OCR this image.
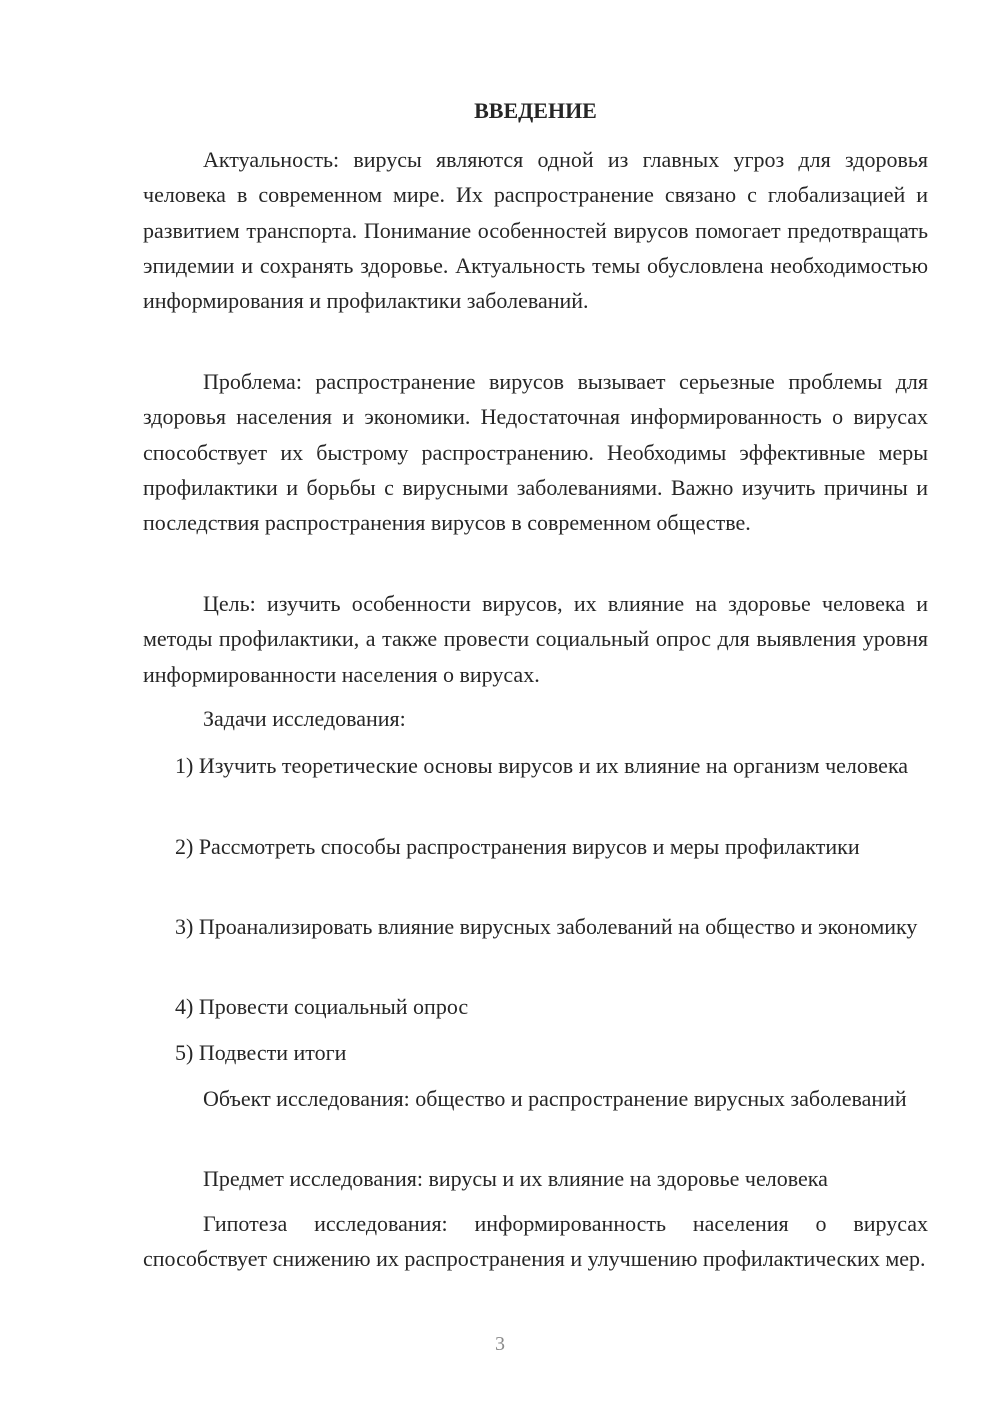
ВВЕДЕНИЕ

Актуальность: вирусы являются одной из главных угроз для здоровья человека в современном мире. Их распространение связано с глобализацией и развитием транспорта. Понимание особенностей вирусов помогает предотвращать эпидемии и сохранять здоровье. Актуальность темы обусловлена необходимостью информирования и профилактики заболеваний.

Проблема: распространение вирусов вызывает серьезные проблемы для здоровья населения и экономики. Недостаточная информированность о вирусах способствует их быстрому распространению. Необходимы эффективные меры профилактики и борьбы с вирусными заболеваниями. Важно изучить причины и последствия распространения вирусов в современном обществе.

Цель: изучить особенности вирусов, их влияние на здоровье человека и методы профилактики, а также провести социальный опрос для выявления уровня информированности населения о вирусах.

Задачи исследования:

1) Изучить теоретические основы вирусов и их влияние на организм человека

2) Рассмотреть способы распространения вирусов и меры профилактики

3) Проанализировать влияние вирусных заболеваний на общество и экономику

4) Провести социальный опрос

5) Подвести итоги

Объект исследования: общество и распространение вирусных заболеваний

Предмет исследования: вирусы и их влияние на здоровье человека

Гипотеза исследования: информированность населения о вирусах способствует снижению их распространения и улучшению профилактических мер.

3
